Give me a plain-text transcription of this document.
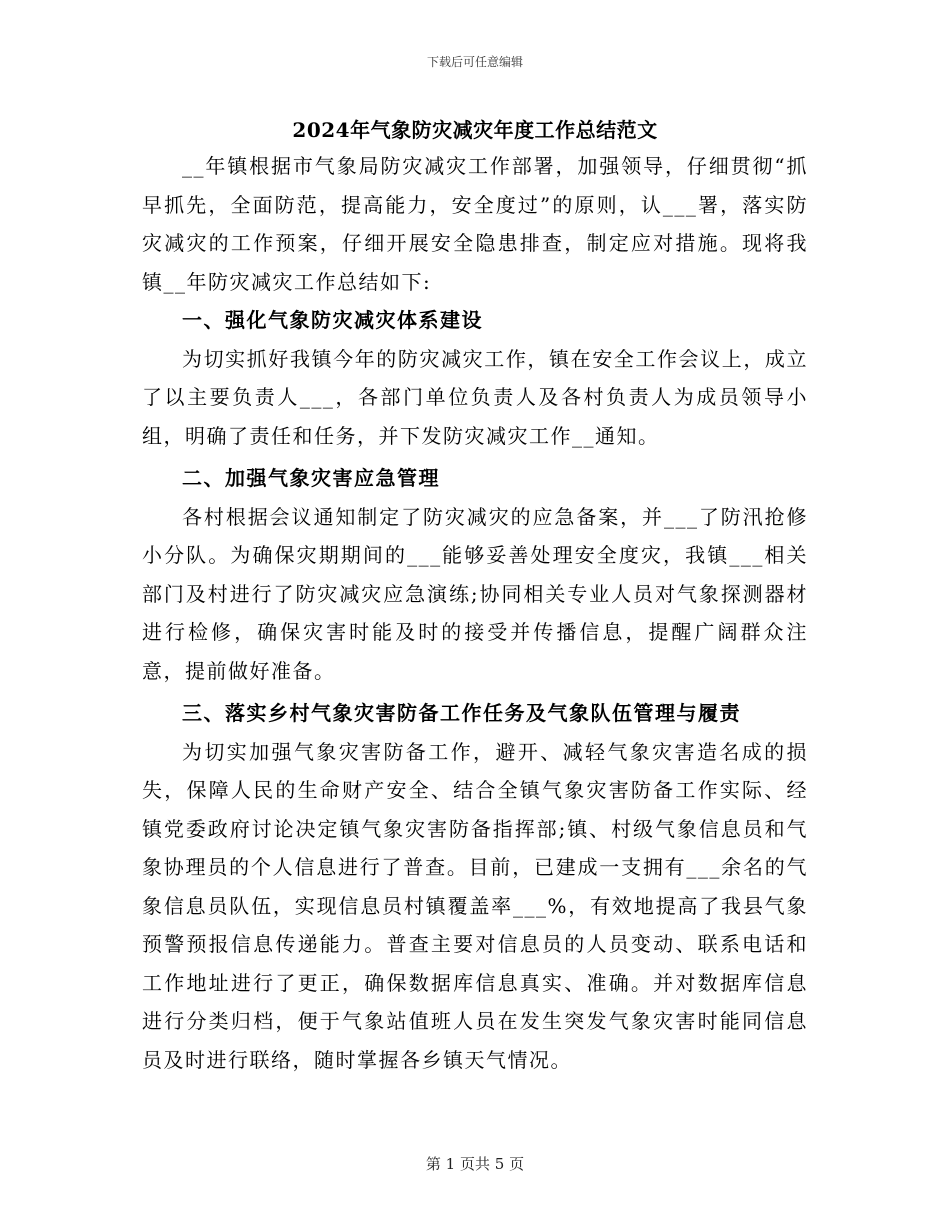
下载后可任意编辑
2024年气象防灾减灾年度工作总结范文

__年镇根据市气象局防灾减灾工作部署，加强领导，仔细贯彻“抓早抓先，全面防范，提高能力，安全度过”的原则，认___署，落实防灾减灾的工作预案，仔细开展安全隐患排查，制定应对措施。现将我镇__年防灾减灾工作总结如下:

一、强化气象防灾减灾体系建设

为切实抓好我镇今年的防灾减灾工作，镇在安全工作会议上，成立了以主要负责人___，各部门单位负责人及各村负责人为成员领导小组，明确了责任和任务，并下发防灾减灾工作__通知。

二、加强气象灾害应急管理

各村根据会议通知制定了防灾减灾的应急备案，并___了防汛抢修小分队。为确保灾期期间的___能够妥善处理安全度灾，我镇___相关部门及村进行了防灾减灾应急演练;协同相关专业人员对气象探测器材进行检修，确保灾害时能及时的接受并传播信息，提醒广阔群众注意，提前做好准备。

三、落实乡村气象灾害防备工作任务及气象队伍管理与履责

为切实加强气象灾害防备工作，避开、减轻气象灾害造名成的损失，保障人民的生命财产安全、结合全镇气象灾害防备工作实际、经镇党委政府讨论决定镇气象灾害防备指挥部;镇、村级气象信息员和气象协理员的个人信息进行了普查。目前，已建成一支拥有___余名的气象信息员队伍，实现信息员村镇覆盖率___%，有效地提高了我县气象预警预报信息传递能力。普查主要对信息员的人员变动、联系电话和工作地址进行了更正，确保数据库信息真实、准确。并对数据库信息进行分类归档，便于气象站值班人员在发生突发气象灾害时能同信息员及时进行联络，随时掌握各乡镇天气情况。

第 1 页共 5 页
